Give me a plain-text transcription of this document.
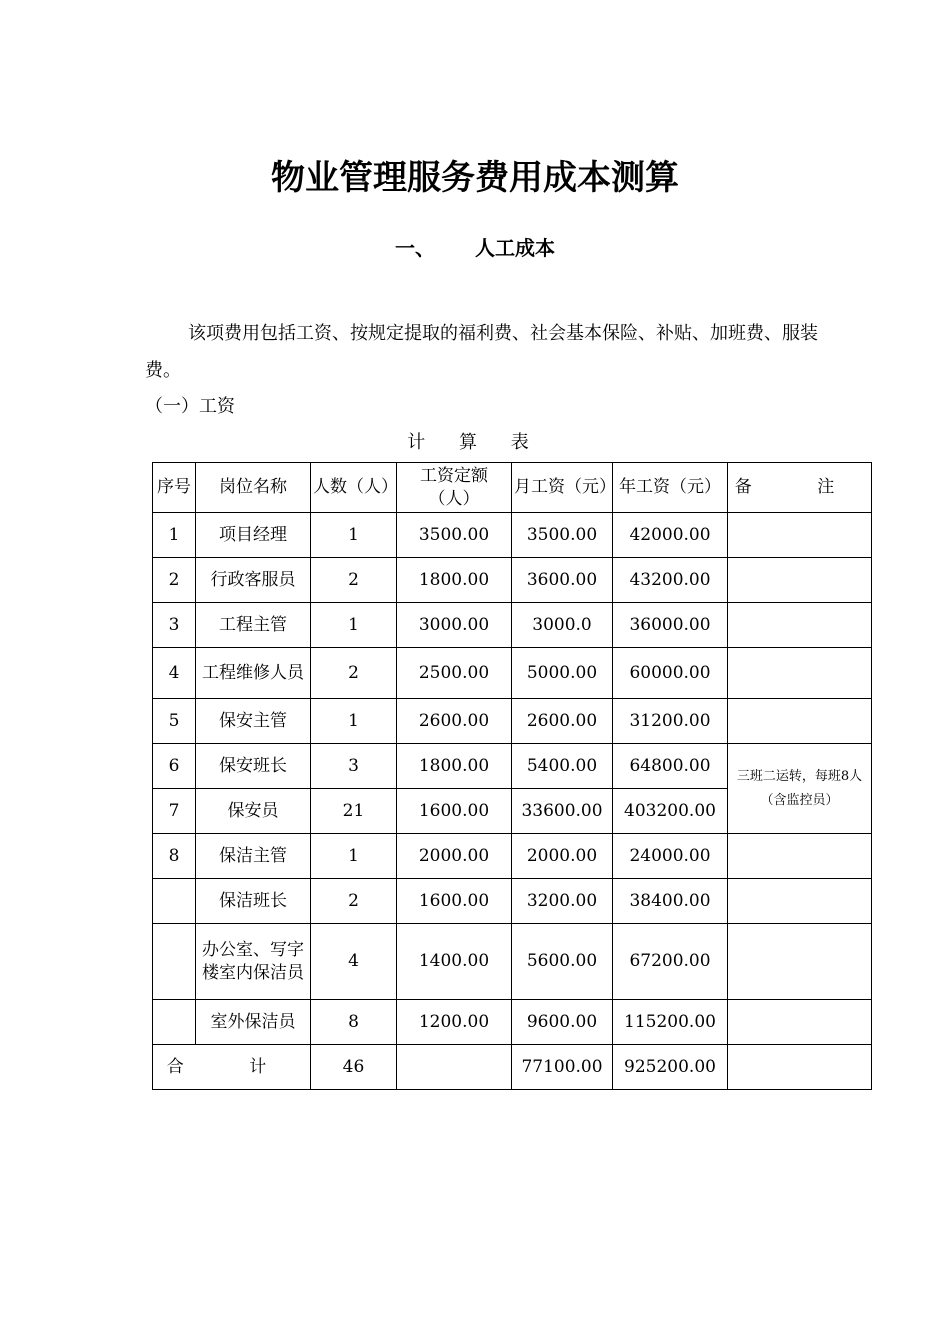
物业管理服务费用成本测算
一、 人工成本
该项费用包括工资、按规定提取的福利费、社会基本保险、补贴、加班费、服装费。
（一）工资
计 算 表
序号	岗位名称	人数（人）	工资定额（人）	月工资（元）	年工资（元）	备 注
1	项目经理	1	3500.00	3500.00	42000.00	
2	行政客服员	2	1800.00	3600.00	43200.00	
3	工程主管	1	3000.00	3000.0	36000.00	
4	工程维修人员	2	2500.00	5000.00	60000.00	
5	保安主管	1	2600.00	2600.00	31200.00	
6	保安班长	3	1800.00	5400.00	64800.00	三班二运转，每班8人（含监控员）
7	保安员	21	1600.00	33600.00	403200.00	
8	保洁主管	1	2000.00	2000.00	24000.00	
	保洁班长	2	1600.00	3200.00	38400.00	
	办公室、写字楼室内保洁员	4	1400.00	5600.00	67200.00	
	室外保洁员	8	1200.00	9600.00	115200.00	
合 计		46		77100.00	925200.00	
